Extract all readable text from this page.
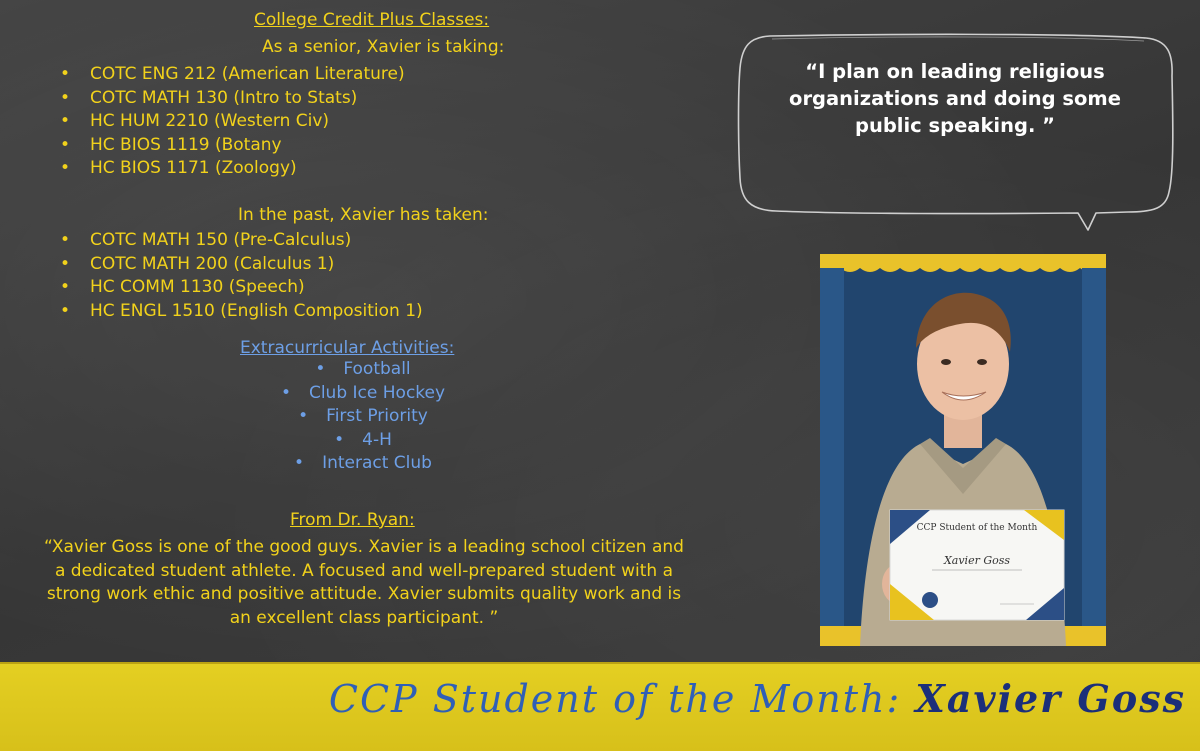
College Credit Plus Classes:
As a senior, Xavier is taking:
• COTC ENG 212 (American Literature)
• COTC MATH 130 (Intro to Stats)
• HC HUM 2210 (Western Civ)
• HC BIOS 1119 (Botany
• HC BIOS 1171 (Zoology)
In the past, Xavier has taken:
• COTC MATH 150 (Pre-Calculus)
• COTC MATH 200 (Calculus 1)
• HC COMM 1130 (Speech)
• HC ENGL 1510 (English Composition 1)
Extracurricular Activities:
• Football
• Club Ice Hockey
• First Priority
• 4-H
• Interact Club
From Dr. Ryan:
“Xavier Goss is one of the good guys. Xavier is a leading school citizen and a dedicated student athlete. A focused and well-prepared student with a strong work ethic and positive attitude. Xavier submits quality work and is an excellent class participant. ”
“I plan on leading religious organizations and doing some public speaking. ”
CCP Student of the Month
Xavier Goss
CCP Student of the Month: Xavier Goss
